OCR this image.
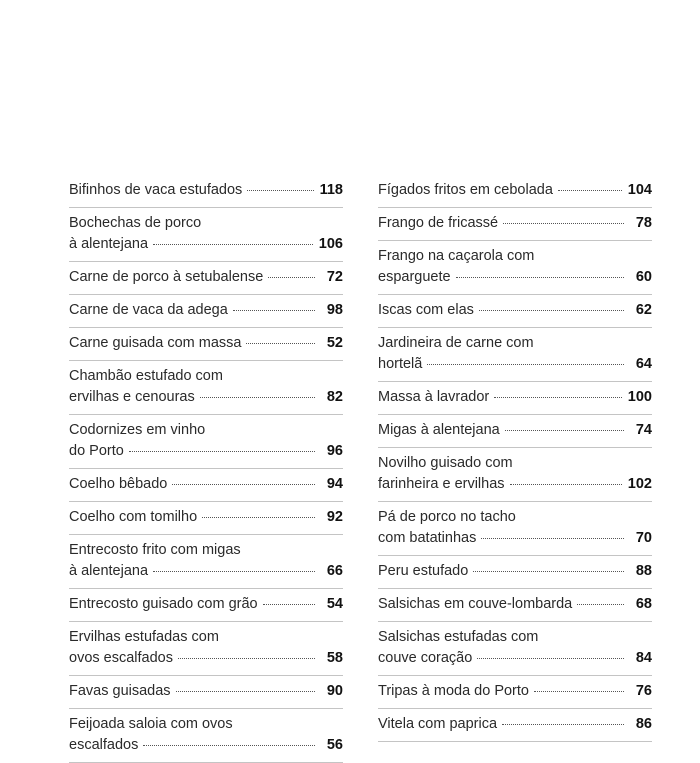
Bifinhos de vaca estufados	118
Bochechas de porco
à alentejana	106
Carne de porco à setubalense	72
Carne de vaca da adega	98
Carne guisada com massa	52
Chambão estufado com
ervilhas e cenouras	82
Codornizes em vinho
do Porto	96
Coelho bêbado	94
Coelho com tomilho	92
Entrecosto frito com migas
à alentejana	66
Entrecosto guisado com grão	54
Ervilhas estufadas com
ovos escalfados	58
Favas guisadas	90
Feijoada saloia com ovos
escalfados	56
Fígados fritos em cebolada	104
Frango de fricassé	78
Frango na caçarola com
esparguete	60
Iscas com elas	62
Jardineira de carne com
hortelã	64
Massa à lavrador	100
Migas à alentejana	74
Novilho guisado com
farinheira e ervilhas	102
Pá de porco no tacho
com batatinhas	70
Peru estufado	88
Salsichas em couve-lombarda	68
Salsichas estufadas com
couve coração	84
Tripas à moda do Porto	76
Vitela com paprica	86
